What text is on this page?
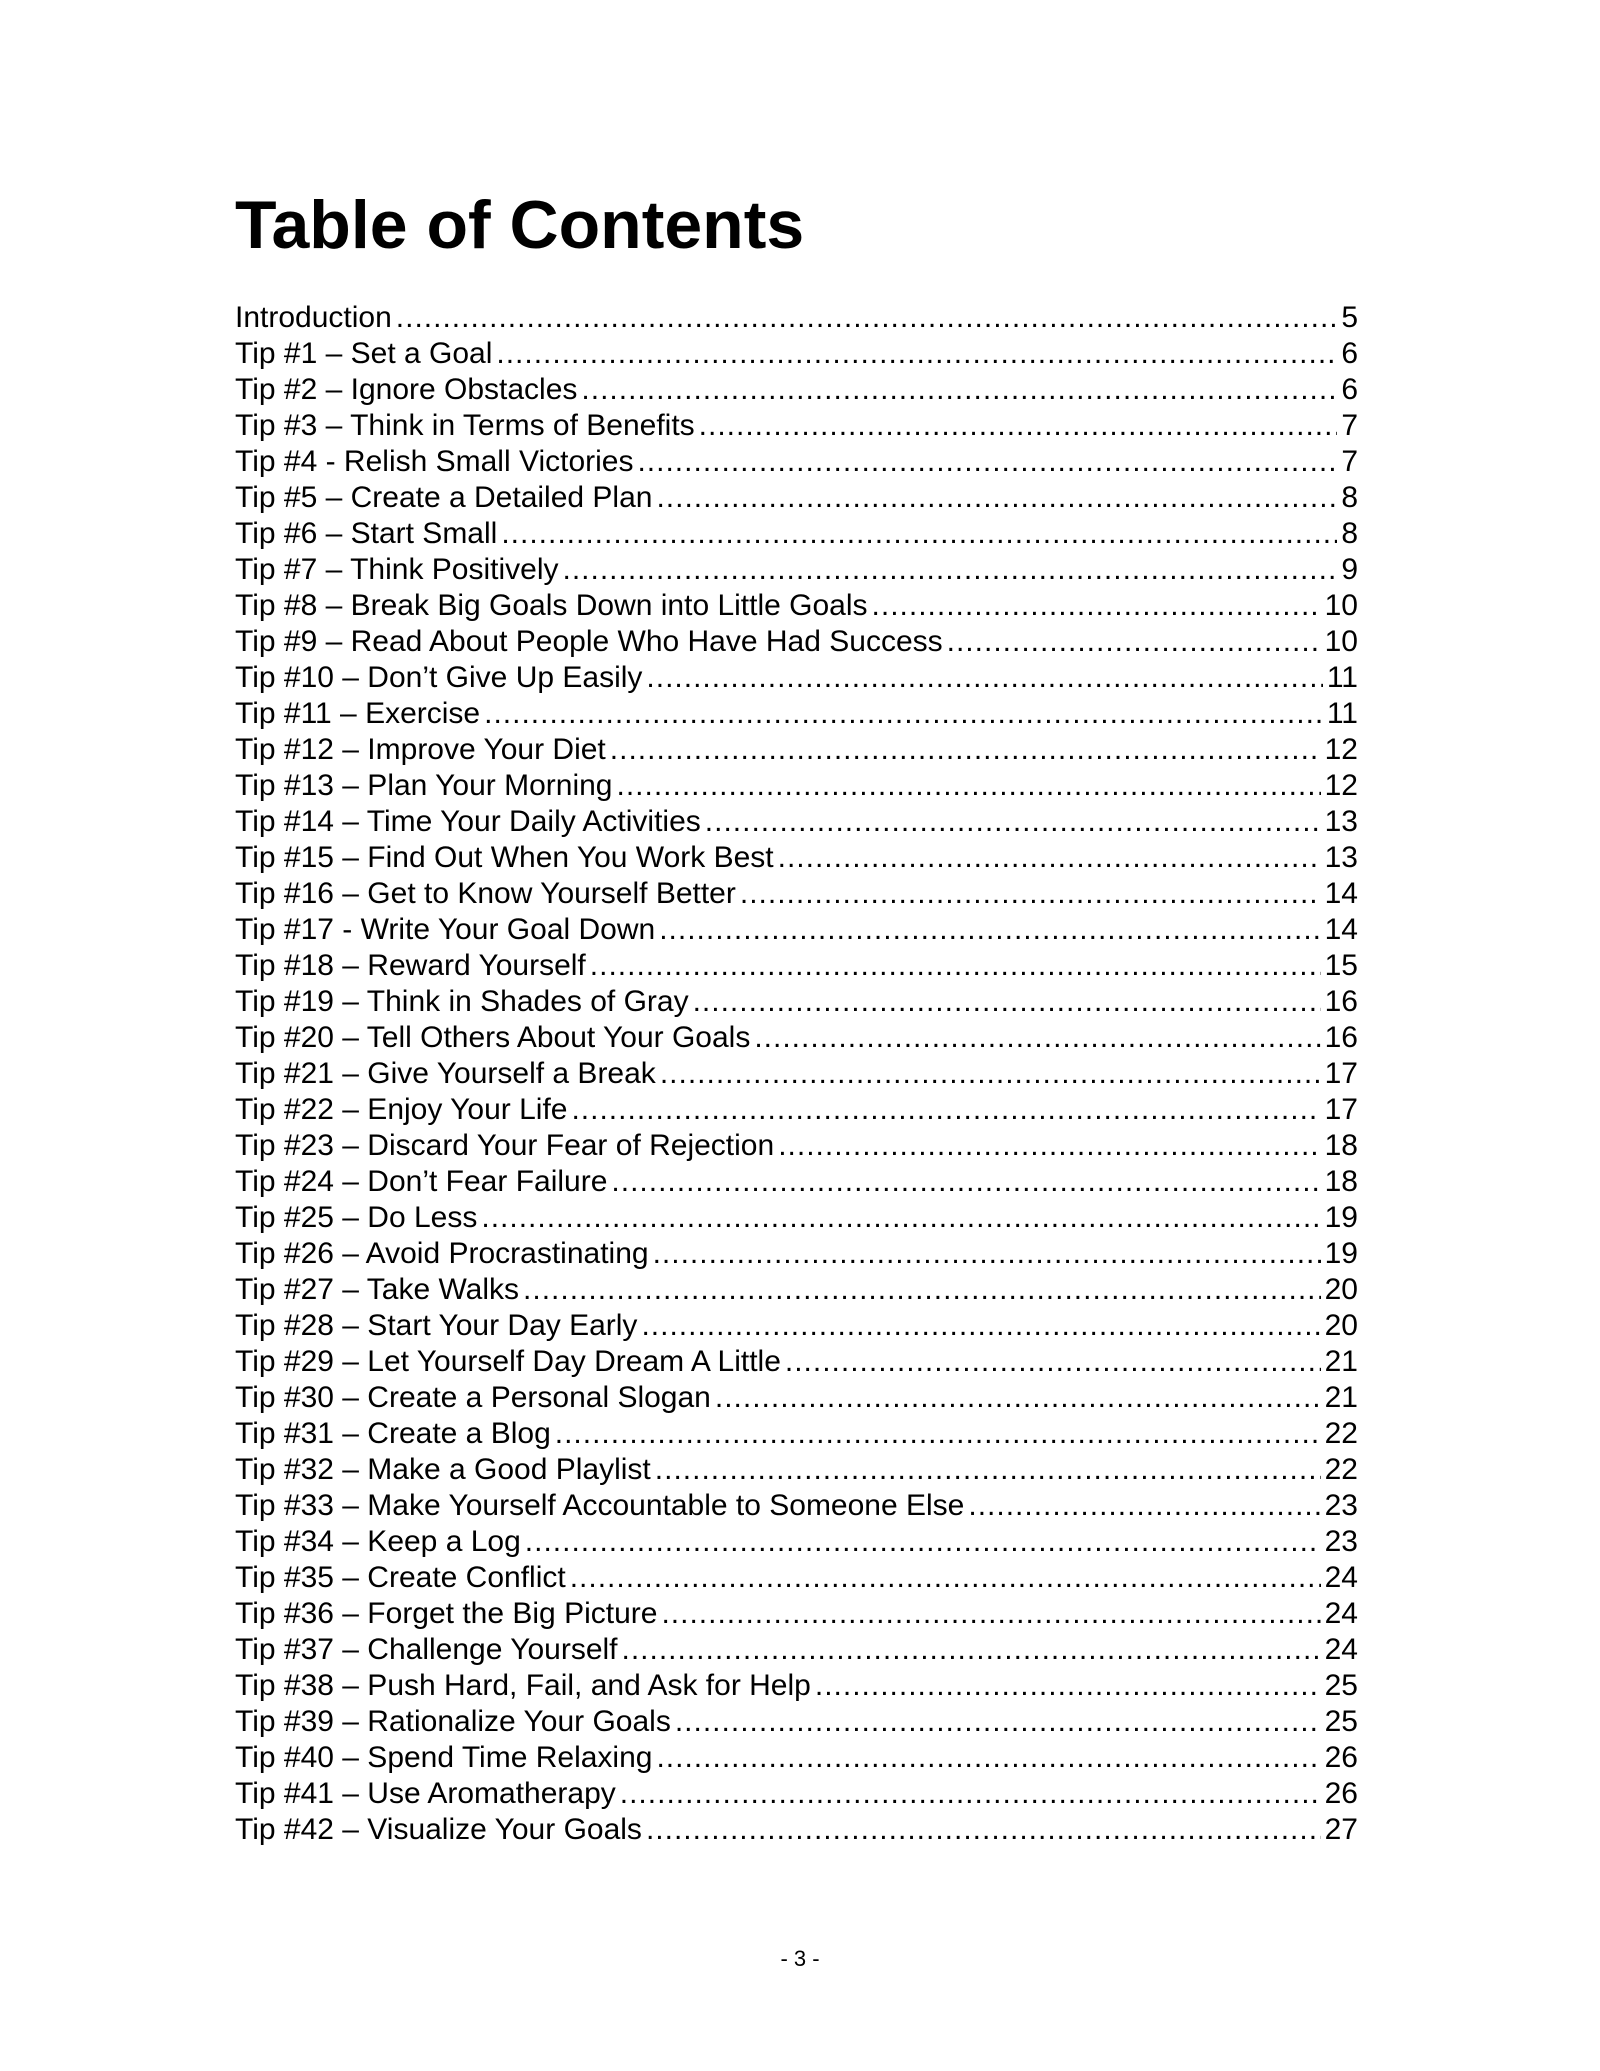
Table of Contents
Introduction .....	5
Tip #1 – Set a Goal .....	6
Tip #2 – Ignore Obstacles .....	6
Tip #3 – Think in Terms of Benefits .....	7
Tip #4 - Relish Small Victories .....	7
Tip #5 – Create a Detailed Plan .....	8
Tip #6 – Start Small .....	8
Tip #7 – Think Positively .....	9
Tip #8 – Break Big Goals Down into Little Goals .....	10
Tip #9 – Read About People Who Have Had Success .....	10
Tip #10 – Don’t Give Up Easily .....	11
Tip #11 – Exercise .....	11
Tip #12 – Improve Your Diet .....	12
Tip #13 – Plan Your Morning .....	12
Tip #14 – Time Your Daily Activities .....	13
Tip #15 – Find Out When You Work Best .....	13
Tip #16 – Get to Know Yourself Better .....	14
Tip #17 - Write Your Goal Down .....	14
Tip #18 – Reward Yourself .....	15
Tip #19 – Think in Shades of Gray .....	16
Tip #20 – Tell Others About Your Goals .....	16
Tip #21 – Give Yourself a Break .....	17
Tip #22 – Enjoy Your Life .....	17
Tip #23 – Discard Your Fear of Rejection .....	18
Tip #24 – Don’t Fear Failure .....	18
Tip #25 – Do Less .....	19
Tip #26 – Avoid Procrastinating .....	19
Tip #27 – Take Walks .....	20
Tip #28 – Start Your Day Early .....	20
Tip #29 – Let Yourself Day Dream A Little .....	21
Tip #30 – Create a Personal Slogan .....	21
Tip #31 – Create a Blog .....	22
Tip #32 – Make a Good Playlist .....	22
Tip #33 – Make Yourself Accountable to Someone Else .....	23
Tip #34 – Keep a Log .....	23
Tip #35 – Create Conflict .....	24
Tip #36 – Forget the Big Picture .....	24
Tip #37 – Challenge Yourself .....	24
Tip #38 – Push Hard, Fail, and Ask for Help .....	25
Tip #39 – Rationalize Your Goals .....	25
Tip #40 – Spend Time Relaxing .....	26
Tip #41 – Use Aromatherapy .....	26
Tip #42 – Visualize Your Goals .....	27
- 3 -
